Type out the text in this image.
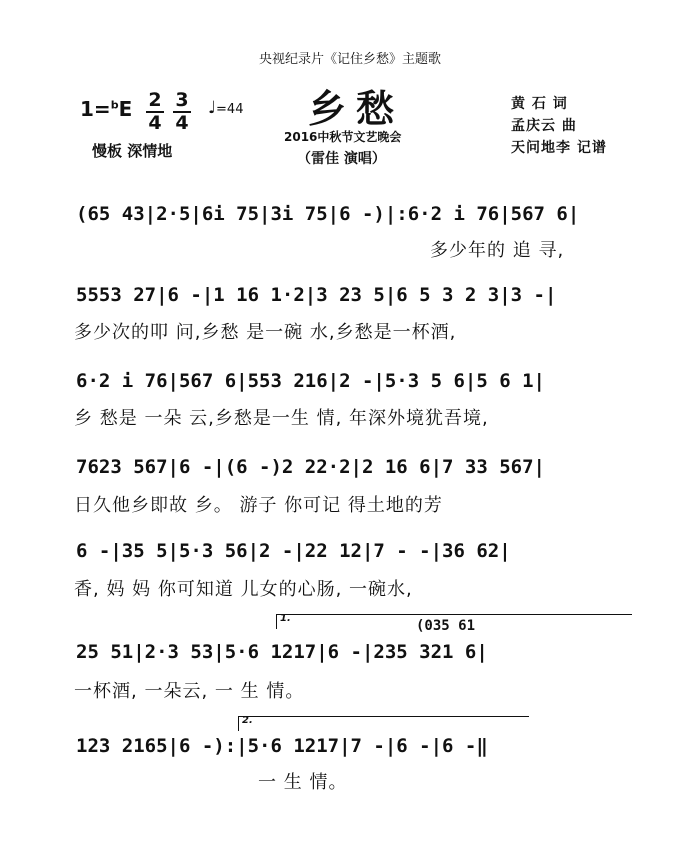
央视纪录片《记住乡愁》主题歌
$1=^bE \frac{2}{4} \frac{3}{4}$ ♩=44
慢板 深情地
乡愁
2016中秋节文艺晚会
（雷佳 演唱）
黄 石 词
孟庆云 曲
天问地李 记谱
(65 43|2·5|6i 75|3i 75|6 -)|:6·2 i 76|567 6|
多少年的 追 寻,
5553 27|6 -|1 16 1·2|3 23 5|6 5 3 2 3|3 -|
多少次的叩 问,乡愁 是一碗 水,乡愁是一杯酒,
6·2 i 76|567 6|553 216|2 -|5·3 5 6|5 6 1|
乡 愁是 一朵 云,乡愁是一生 情, 年深外境犹吾境,
7623 567|6 -|(6 -)2 22·2|2 16 6|7 33 567|
日久他乡即故 乡。 游子 你可记 得土地的芳
6 -|35 5|5·3 56|2 -|22 12|7 - -|36 62|
香, 妈 妈 你可知道 儿女的心肠, 一碗水,
1.	(035 61
25 51|2·3 53|5·6 1217|6 -|235 321 6|
一杯酒, 一朵云, 一 生 情。
2.
123 2165|6 -):|5·6 1217|7 -|6 -|6 -‖
一 生 情。
